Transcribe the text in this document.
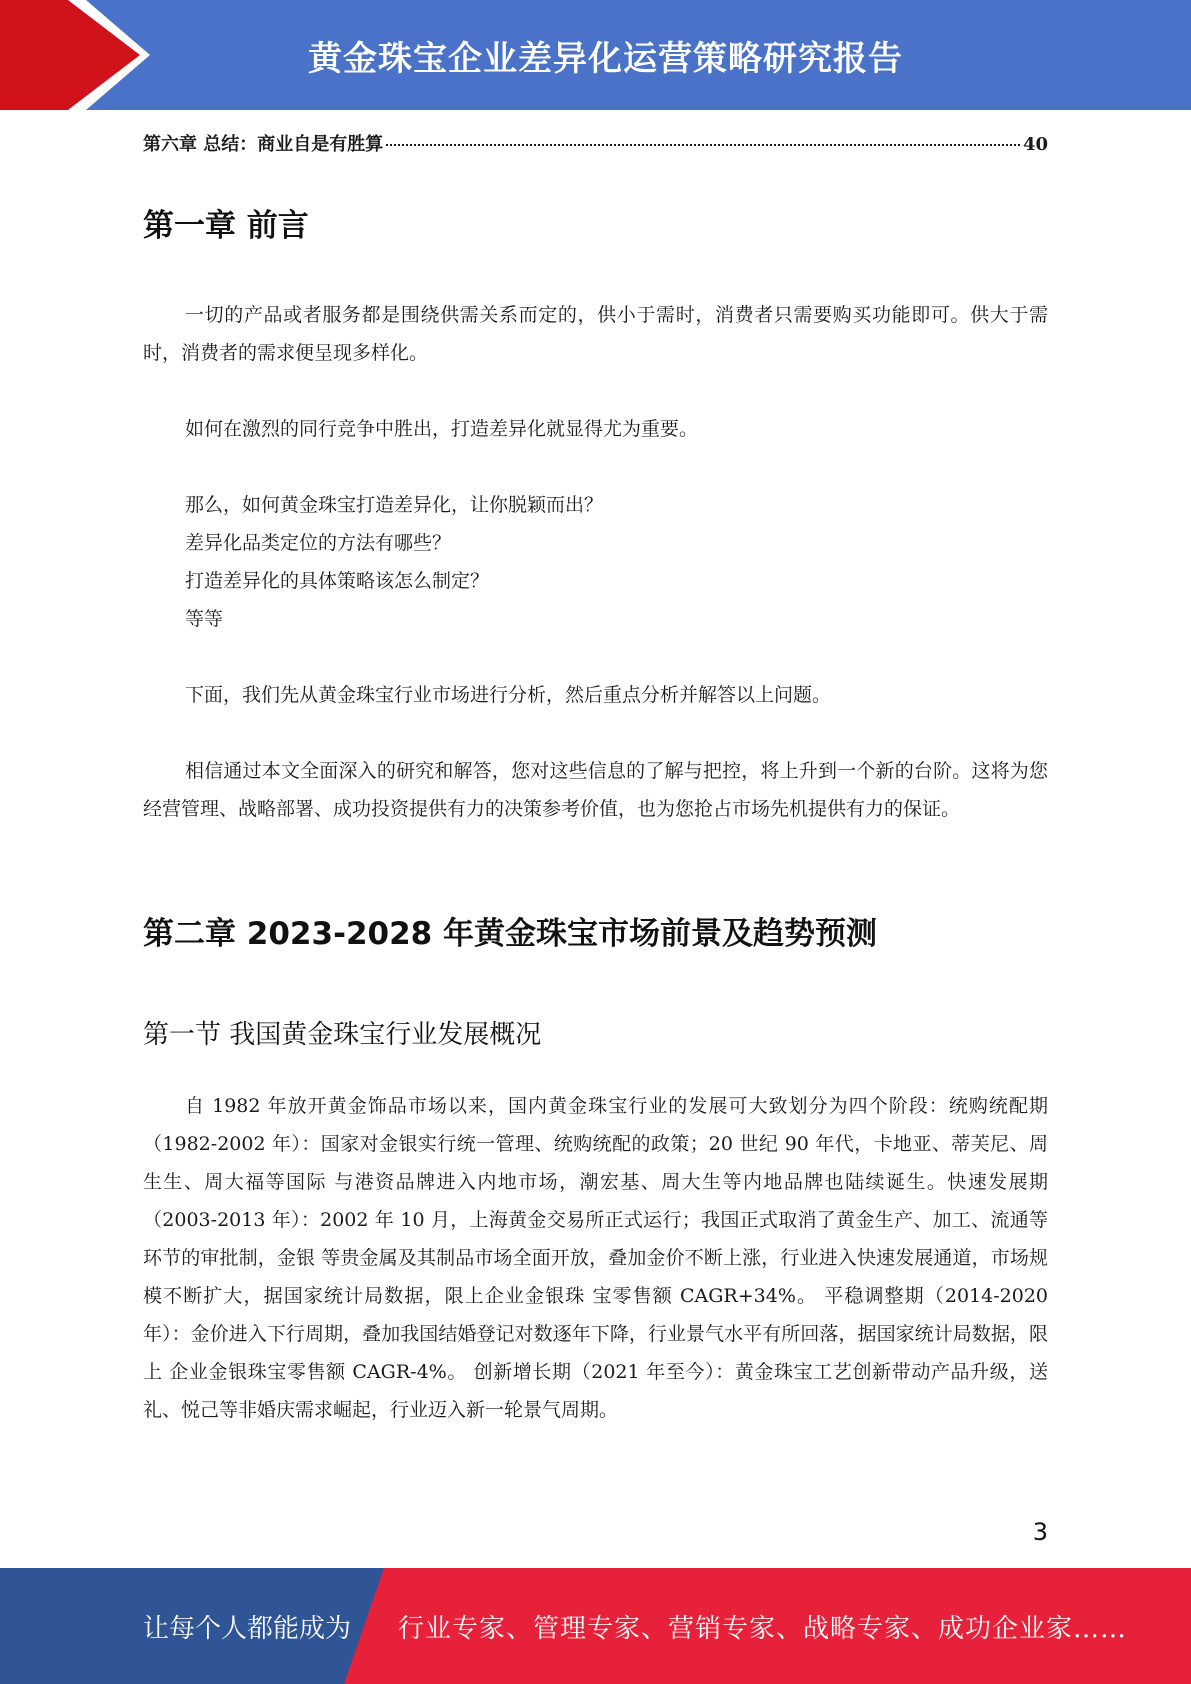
黄金珠宝企业差异化运营策略研究报告
第六章 总结：商业自是有胜算	40
第一章 前言

一切的产品或者服务都是围绕供需关系而定的，供小于需时，消费者只需要购买功能即可。供大于需时，消费者的需求便呈现多样化。

如何在激烈的同行竞争中胜出，打造差异化就显得尤为重要。
那么，如何黄金珠宝打造差异化，让你脱颖而出？
差异化品类定位的方法有哪些？
打造差异化的具体策略该怎么制定？
等等
下面，我们先从黄金珠宝行业市场进行分析，然后重点分析并解答以上问题。

相信通过本文全面深入的研究和解答，您对这些信息的了解与把控，将上升到一个新的台阶。这将为您经营管理、战略部署、成功投资提供有力的决策参考价值，也为您抢占市场先机提供有力的保证。

第二章 2023-2028 年黄金珠宝市场前景及趋势预测
第一节 我国黄金珠宝行业发展概况

自 1982 年放开黄金饰品市场以来，国内黄金珠宝行业的发展可大致划分为四个阶段：统购统配期（1982-2002 年）：国家对金银实行统一管理、统购统配的政策；20 世纪 90 年代，卡地亚、蒂芙尼、周生生、周大福等国际 与港资品牌进入内地市场，潮宏基、周大生等内地品牌也陆续诞生。快速发展期（2003-2013 年）：2002 年 10 月，上海黄金交易所正式运行；我国正式取消了黄金生产、加工、流通等环节的审批制，金银 等贵金属及其制品市场全面开放，叠加金价不断上涨，行业进入快速发展通道，市场规模不断扩大，据国家统计局数据，限上企业金银珠 宝零售额 CAGR+34%。 平稳调整期（2014-2020 年）：金价进入下行周期，叠加我国结婚登记对数逐年下降，行业景气水平有所回落，据国家统计局数据，限上 企业金银珠宝零售额 CAGR-4%。 创新增长期（2021 年至今）：黄金珠宝工艺创新带动产品升级，送礼、悦己等非婚庆需求崛起，行业迈入新一轮景气周期。

3
让每个人都能成为 行业专家、管理专家、营销专家、战略专家、成功企业家……
